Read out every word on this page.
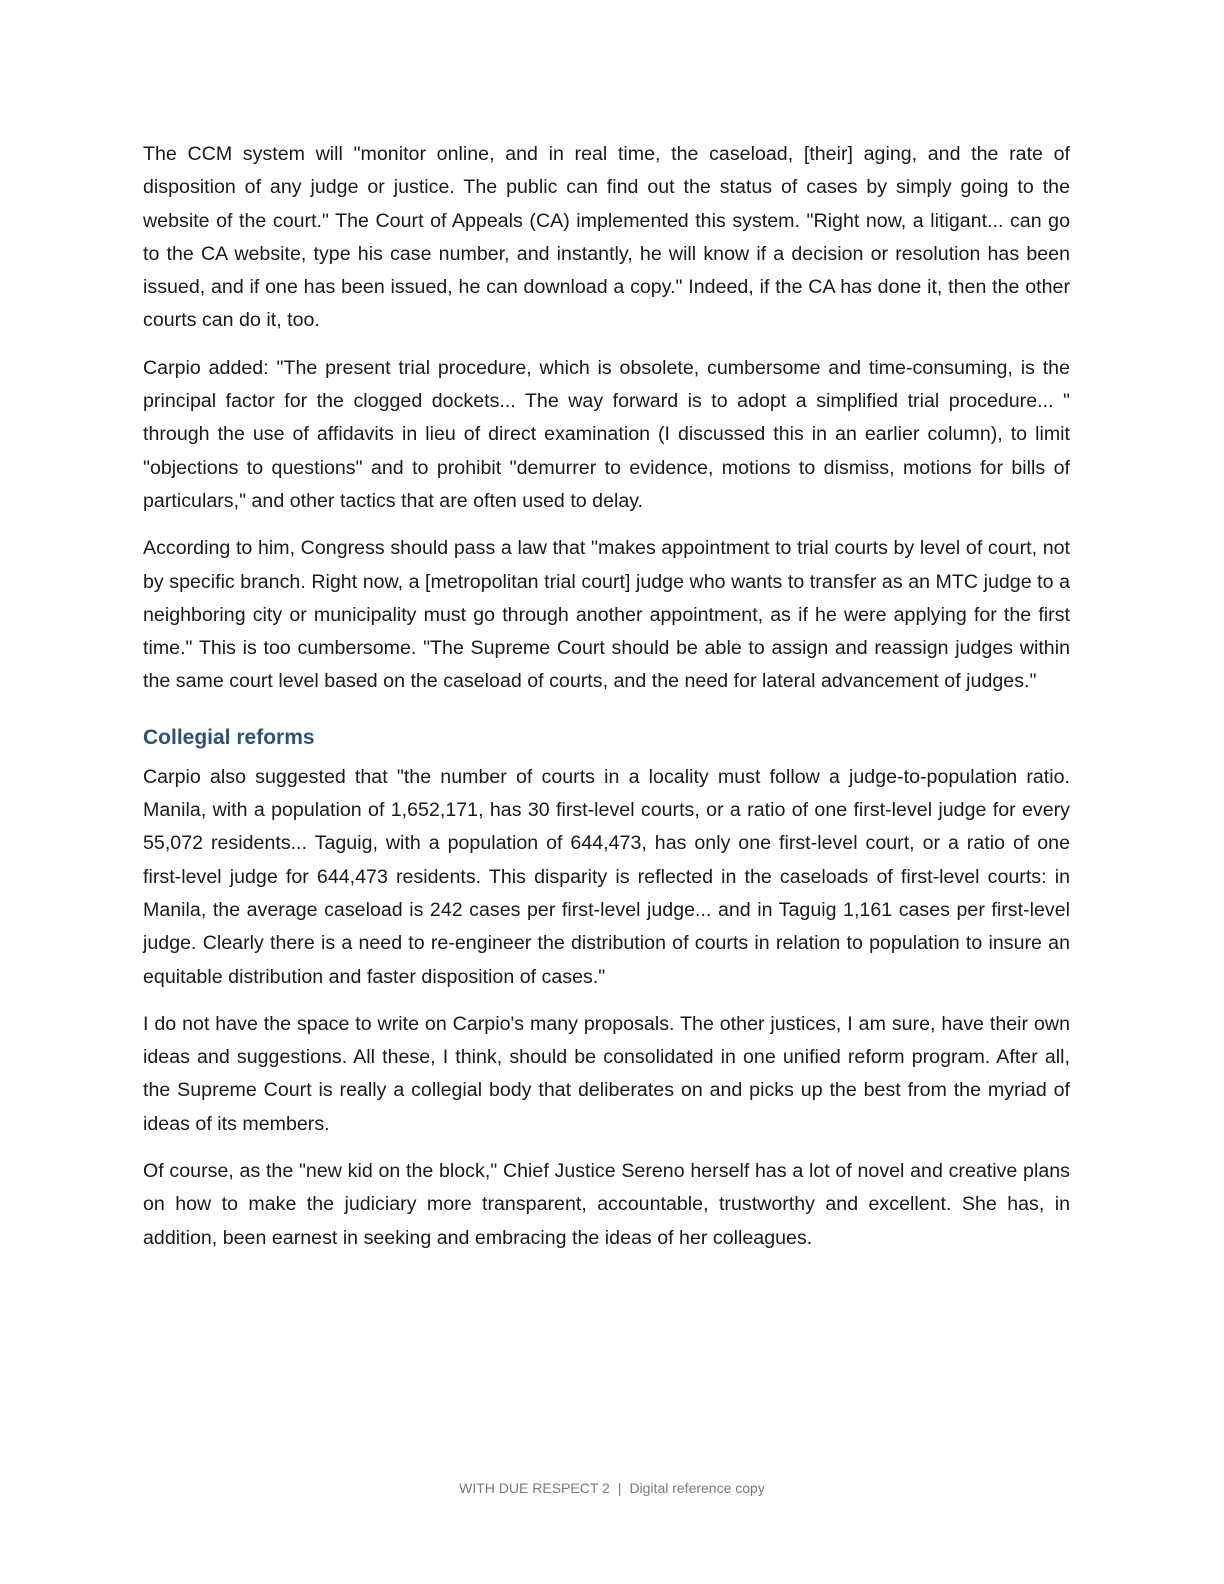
The CCM system will "monitor online, and in real time, the caseload, [their] aging, and the rate of disposition of any judge or justice. The public can find out the status of cases by simply going to the website of the court." The Court of Appeals (CA) implemented this system. "Right now, a litigant... can go to the CA website, type his case number, and instantly, he will know if a decision or resolution has been issued, and if one has been issued, he can download a copy." Indeed, if the CA has done it, then the other courts can do it, too.

Carpio added: "The present trial procedure, which is obsolete, cumbersome and time-consuming, is the principal factor for the clogged dockets... The way forward is to adopt a simplified trial procedure... " through the use of affidavits in lieu of direct examination (I discussed this in an earlier column), to limit "objections to questions" and to prohibit "demurrer to evidence, motions to dismiss, motions for bills of particulars," and other tactics that are often used to delay.

According to him, Congress should pass a law that "makes appointment to trial courts by level of court, not by specific branch. Right now, a [metropolitan trial court] judge who wants to transfer as an MTC judge to a neighboring city or municipality must go through another appointment, as if he were applying for the first time." This is too cumbersome. "The Supreme Court should be able to assign and reassign judges within the same court level based on the caseload of courts, and the need for lateral advancement of judges."

Collegial reforms

Carpio also suggested that "the number of courts in a locality must follow a judge-to-population ratio. Manila, with a population of 1,652,171, has 30 first-level courts, or a ratio of one first-level judge for every 55,072 residents... Taguig, with a population of 644,473, has only one first-level court, or a ratio of one first-level judge for 644,473 residents. This disparity is reflected in the caseloads of first-level courts: in Manila, the average caseload is 242 cases per first-level judge... and in Taguig 1,161 cases per first-level judge. Clearly there is a need to re-engineer the distribution of courts in relation to population to insure an equitable distribution and faster disposition of cases."

I do not have the space to write on Carpio's many proposals. The other justices, I am sure, have their own ideas and suggestions. All these, I think, should be consolidated in one unified reform program. After all, the Supreme Court is really a collegial body that deliberates on and picks up the best from the myriad of ideas of its members.

Of course, as the "new kid on the block," Chief Justice Sereno herself has a lot of novel and creative plans on how to make the judiciary more transparent, accountable, trustworthy and excellent. She has, in addition, been earnest in seeking and embracing the ideas of her colleagues.

WITH DUE RESPECT 2 | Digital reference copy
